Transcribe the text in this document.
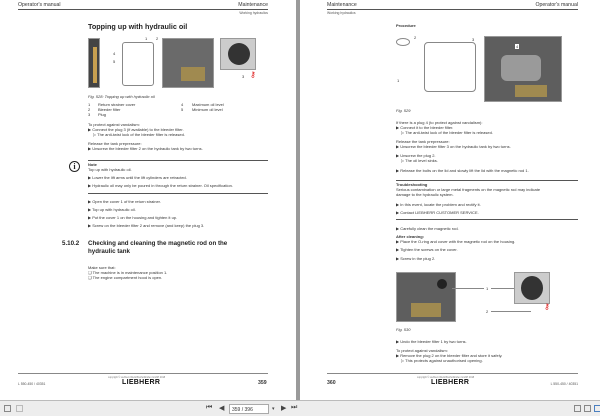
Operator's manual	Maintenance
Working hydraulics
Topping up with hydraulic oil
⚷
1 2
3
4
5
Fig. 528: Topping up with hydraulic oil
1 Return strainer cover
2 Bleeder filter
3 Plug
4 Maximum oil level
5 Minimum oil level
To protect against vandalism:
▶ Connect the plug 3 (if available) to the bleeder filter.
▷ The anti-twist lock of the bleeder filter is released.
Release the tank prepressure:
▶ Unscrew the bleeder filter 2 on the hydraulic tank by two turns.
i	Note
Top up with hydraulic oil.
▶ Lower the lift arms until the lift cylinders are retracted.
▶ Hydraulic oil may only be poured in through the return strainer. Oil specification.
▶ Open the cover 1 of the return strainer.
▶ Top up with hydraulic oil.
▶ Put the cover 1 on the housing and tighten it up.
▶ Screw on the bleeder filter 2 and remove (and keep) the plug 3.
5.10.2 Checking and cleaning the magnetic rod on the
hydraulic tank
Make sure that:
❏ The machine is in maintenance position 1.
❏ The engine compartment hood is open.
L 550-450 / 40351
copyright © Liebherr-Werk Bischofshofen GmbH 2018
LIEBHERR	359
Maintenance	Operator's manual
Working hydraulics
Procedure
1
2	3
4
Fig. 529
If there is a plug 4 (to protect against vandalism):
▶ Connect it to the bleeder filter.
▷ The anti-twist lock of the bleeder filter is released.
Release the tank prepressure:
▶ Unscrew the bleeder filter 3 on the hydraulic tank by two turns.
▶ Unscrew the plug 2.
▷ The oil level sinks.
▶ Release the bolts on the lid and slowly lift the lid with the magnetic rod 1.
Troubleshooting
Serious contamination or large metal fragments on the magnetic rod may indicate
damage to the hydraulic system.
▶ In this event, locate the problem and rectify it.
▶ Contact LIEBHERR CUSTOMER SERVICE.
▶ Carefully clean the magnetic rod.
After cleaning:
▶ Place the O-ring and cover with the magnetic rod on the housing.
▶ Tighten the screws on the cover.
▶ Screw in the plug 2.
1
2
⚷
Fig. 530
▶ Undo the bleeder filter 1 by two turns.
To protect against vandalism:
▶ Remove the plug 2 on the bleeder filter and store it safely.
▷ This protects against unauthorised opening.
360
copyright © Liebherr-Werk Bischofshofen GmbH 2018
LIEBHERR	L 550-450 / 40351
⏮ ◀	359 / 396	▾ ▶ ⏭
